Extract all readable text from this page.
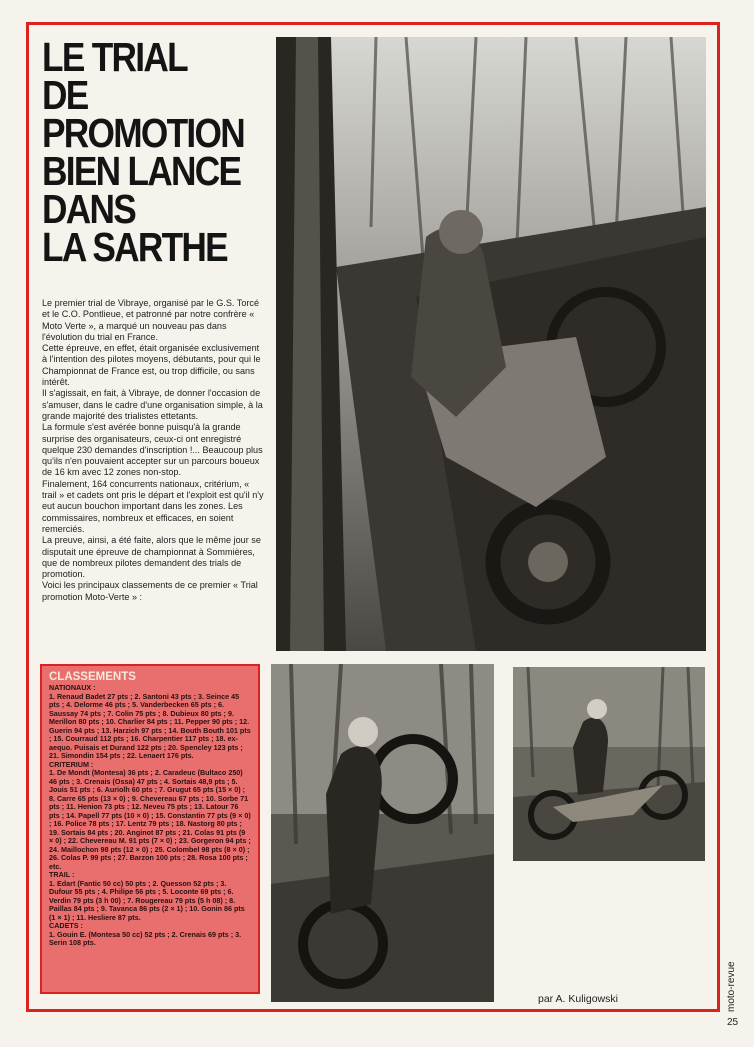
LE TRIAL
DE
PROMOTION
BIEN LANCE
DANS
LA SARTHE

Le premier trial de Vibraye, organisé par le G.S. Torcé et le C.O. Pontlieue, et patronné par notre confrère « Moto Verte », a marqué un nouveau pas dans l'évolution du trial en France.

Cette épreuve, en effet, était organisée exclusivement à l'intention des pilotes moyens, débutants, pour qui le Championnat de France est, ou trop difficile, ou sans intérêt.

Il s'agissait, en fait, à Vibraye, de donner l'occasion de s'amuser, dans le cadre d'une organisation simple, à la grande majorité des trialistes ettetants.

La formule s'est avérée bonne puisqu'à la grande surprise des organisateurs, ceux-ci ont enregistré quelque 230 demandes d'inscription !... Beaucoup plus qu'ils n'en pouvaient accepter sur un parcours boueux de 16 km avec 12 zones non-stop.

Finalement, 164 concurrents nationaux, critérium, « trail » et cadets ont pris le départ et l'exploit est qu'il n'y eut aucun bouchon important dans les zones. Les commissaires, nombreux et efficaces, en soient remerciés.

La preuve, ainsi, a été faite, alors que le même jour se disputait une épreuve de championnat à Sommières, que de nombreux pilotes demandent des trials de promotion.

Voici les principaux classements de ce premier « Trial promotion Moto-Verte » :

CLASSEMENTS
NATIONAUX :
1. Renaud Badet 27 pts ; 2. Santoni 43 pts ; 3. Seince 45 pts ; 4. Delorme 46 pts ; 5. Vanderbecken 65 pts ; 6. Saussay 74 pts ; 7. Colin 75 pts ; 8. Dubieux 80 pts ; 9. Merillon 80 pts ; 10. Charlier 84 pts ; 11. Pepper 90 pts ; 12. Guerin 94 pts ; 13. Harzich 97 pts ; 14. Bouth Bouth 101 pts ; 15. Courraud 112 pts ; 16. Charpentier 117 pts ; 18. ex-aequo. Puisais et Durand 122 pts ; 20. Spencley 123 pts ; 21. Simondin 154 pts ; 22. Lenaert 176 pts.
CRITERIUM :
1. De Mondt (Montesa) 36 pts ; 2. Caradeuc (Bultaco 250) 46 pts ; 3. Crenais (Ossa) 47 pts ; 4. Sortais 48,9 pts ; 5. Jouis 51 pts ; 6. Auriolh 60 pts ; 7. Grugut 65 pts (15 × 0) ; 8. Carre 65 pts (13 × 0) ; 9. Chevereau 67 pts ; 10. Sorbe 71 pts ; 11. Henion 73 pts ; 12. Neveu 75 pts ; 13. Latour 76 pts ; 14. Papell 77 pts (10 × 0) ; 15. Constantin 77 pts (9 × 0) ; 16. Police 78 pts ; 17. Lentz 79 pts ; 18. Nastorg 80 pts ; 19. Sortais 84 pts ; 20. Anginot 87 pts ; 21. Colas 91 pts (9 × 0) ; 22. Chevereau M. 91 pts (7 × 0) ; 23. Gorgeron 94 pts ; 24. Maillochon 98 pts (12 × 0) ; 25. Colombel 98 pts (8 × 0) ; 26. Colas P. 99 pts ; 27. Barzon 100 pts ; 28. Rosa 100 pts ; etc.
TRAIL :
1. Edart (Fantic 50 cc) 50 pts ; 2. Quesson 52 pts ; 3. Dufour 55 pts ; 4. Philipe 56 pts ; 5. Loconte 69 pts ; 6. Verdin 79 pts (3 h 00) ; 7. Rougereau 79 pts (5 h 08) ; 8. Paillas 84 pts ; 9. Tavanca 86 pts (2 × 1) ; 10. Gonin 86 pts (1 × 1) ; 11. Hesliere 87 pts.
CADETS :
1. Gouin E. (Montesa 50 cc) 52 pts ; 2. Crenais 69 pts ; 3. Serin 108 pts.
par A. Kuligowski	moto-revue
25
